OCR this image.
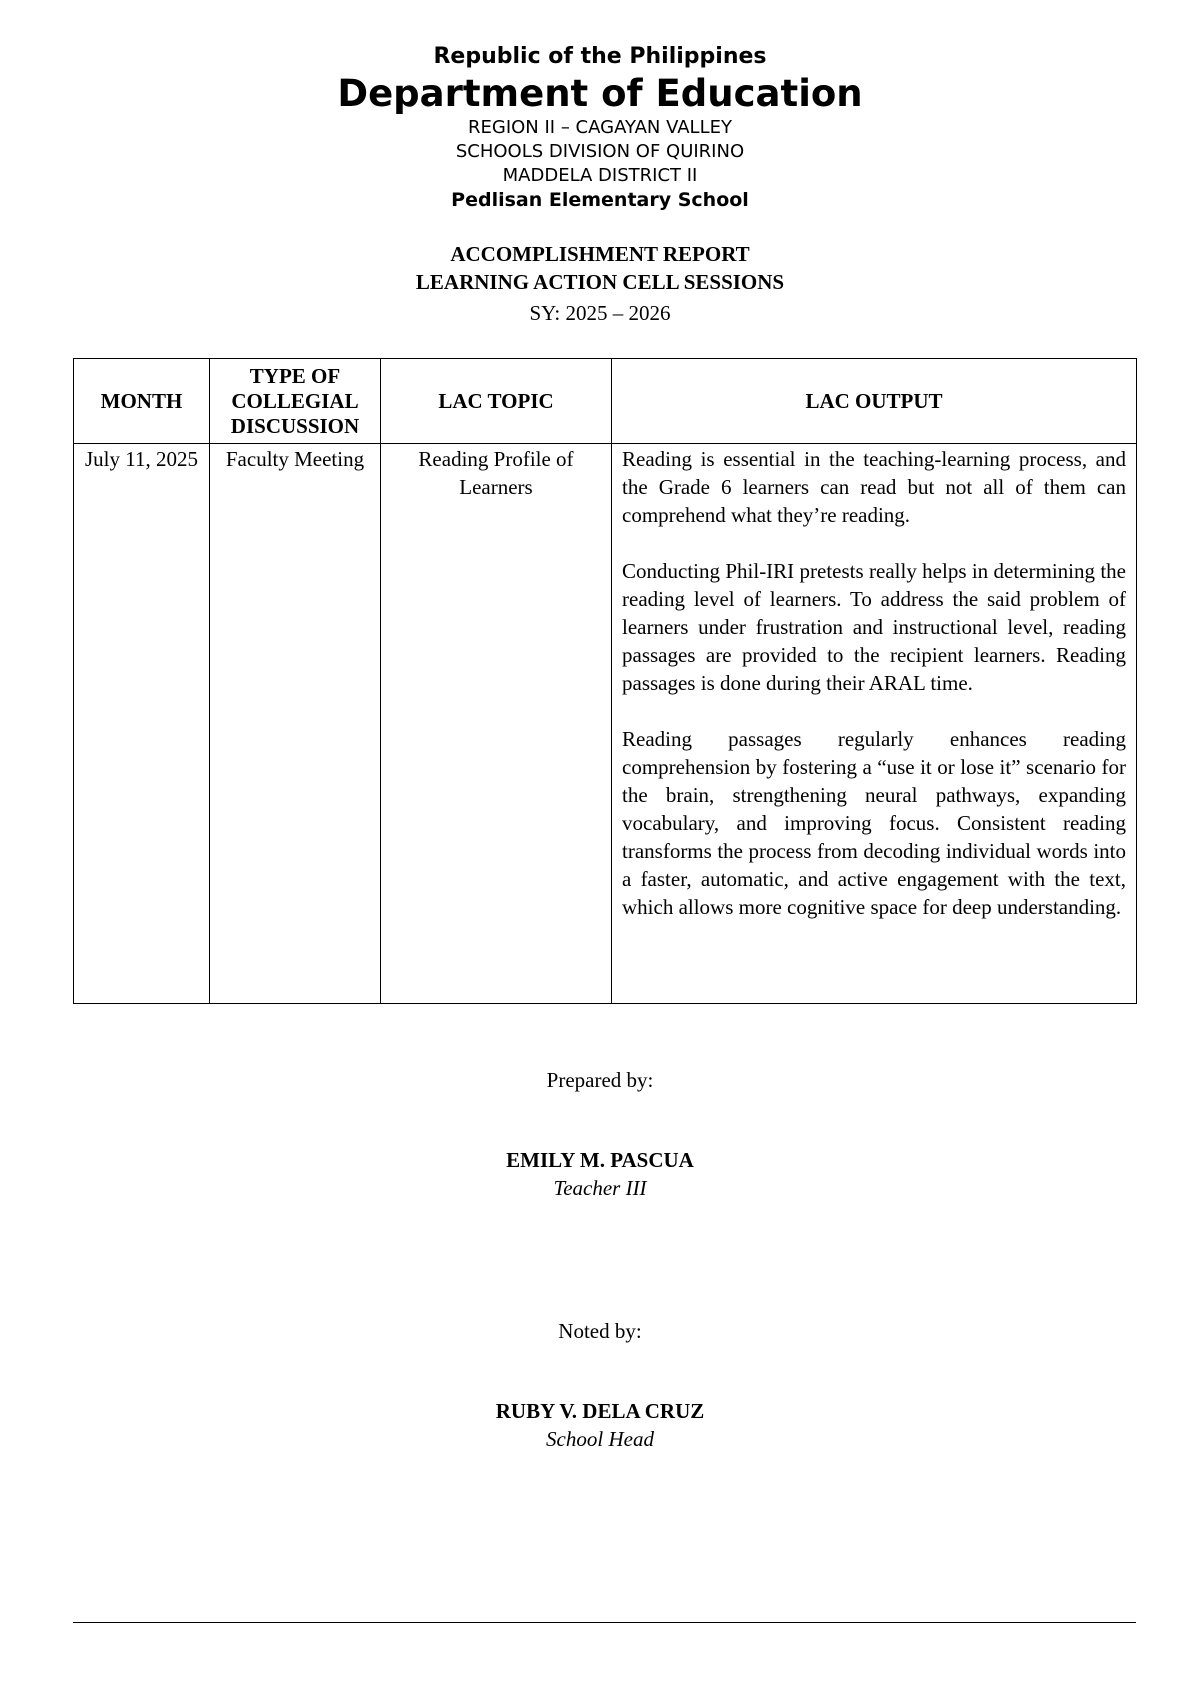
Republic of the Philippines
Department of Education
REGION II – CAGAYAN VALLEY
SCHOOLS DIVISION OF QUIRINO
MADDELA DISTRICT II
Pedlisan Elementary School
ACCOMPLISHMENT REPORT
LEARNING ACTION CELL SESSIONS
SY: 2025 – 2026
MONTH	TYPE OF COLLEGIAL DISCUSSION	LAC TOPIC	LAC OUTPUT
July 11, 2025	Faculty Meeting	Reading Profile of Learners	Reading is essential in the teaching-learning process, and the Grade 6 learners can read but not all of them can comprehend what they’re reading.

Conducting Phil-IRI pretests really helps in determining the reading level of learners. To address the said problem of learners under frustration and instructional level, reading passages are provided to the recipient learners. Reading passages is done during their ARAL time.

Reading passages regularly enhances reading comprehension by fostering a “use it or lose it” scenario for the brain, strengthening neural pathways, expanding vocabulary, and improving focus. Consistent reading transforms the process from decoding individual words into a faster, automatic, and active engagement with the text, which allows more cognitive space for deep understanding.

Prepared by:
EMILY M. PASCUA
Teacher III
Noted by:
RUBY V. DELA CRUZ
School Head
